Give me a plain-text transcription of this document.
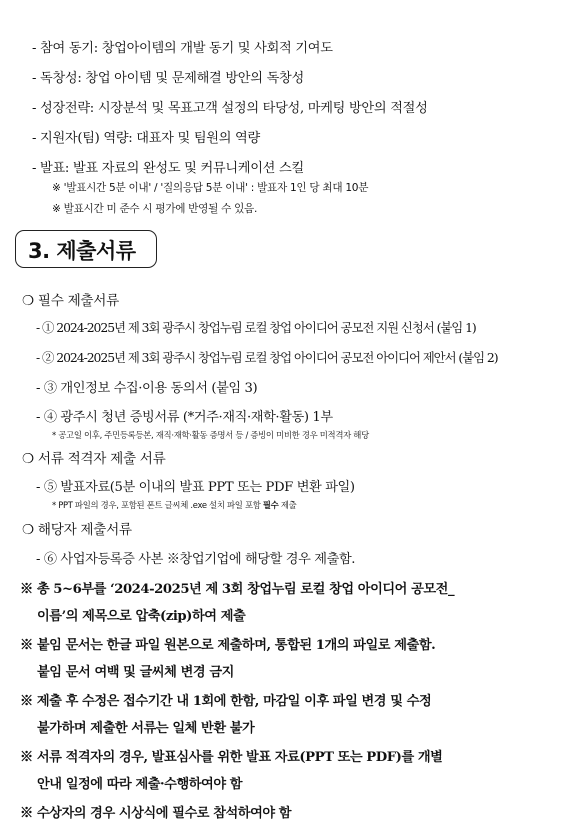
- 참여 동기: 창업아이템의 개발 동기 및 사회적 기여도
- 독창성: 창업 아이템 및 문제해결 방안의 독창성
- 성장전략: 시장분석 및 목표고객 설정의 타당성, 마케팅 방안의 적절성
- 지원자(팀) 역량: 대표자 및 팀원의 역량
- 발표: 발표 자료의 완성도 및 커뮤니케이션 스킬
※ '발표시간 5분 이내' / '질의응답 5분 이내' : 발표자 1인 당 최대 10분
※ 발표시간 미 준수 시 평가에 반영될 수 있음.
3. 제출서류
❍ 필수 제출서류
- ① 2024-2025년 제 3회 광주시 창업누림 로컬 창업 아이디어 공모전 지원 신청서 (붙임 1)
- ② 2024-2025년 제 3회 광주시 창업누림 로컬 창업 아이디어 공모전 아이디어 제안서 (붙임 2)
- ③ 개인정보 수집·이용 동의서 (붙임 3)
- ④ 광주시 청년 증빙서류 (*거주·재직·재학·활동) 1부
* 공고일 이후, 주민등록등본, 재직·재학·활동 증명서 등 / 증빙이 미비한 경우 미적격자 해당
❍ 서류 적격자 제출 서류
- ⑤ 발표자료(5분 이내의 발표 PPT 또는 PDF 변환 파일)
* PPT 파일의 경우, 포함된 폰트 글씨체 .exe 설치 파일 포함 필수 제출
❍ 해당자 제출서류
- ⑥ 사업자등록증 사본 ※창업기업에 해당할 경우 제출함.
※ 총 5~6부를 ‘2024-2025년 제 3회 창업누림 로컬 창업 아이디어 공모전_
이름’의 제목으로 압축(zip)하여 제출
※ 붙임 문서는 한글 파일 원본으로 제출하며, 통합된 1개의 파일로 제출함.
붙임 문서 여백 및 글씨체 변경 금지
※ 제출 후 수정은 접수기간 내 1회에 한함, 마감일 이후 파일 변경 및 수정
불가하며 제출한 서류는 일체 반환 불가
※ 서류 적격자의 경우, 발표심사를 위한 발표 자료(PPT 또는 PDF)를 개별
안내 일정에 따라 제출·수행하여야 함
※ 수상자의 경우 시상식에 필수로 참석하여야 함
